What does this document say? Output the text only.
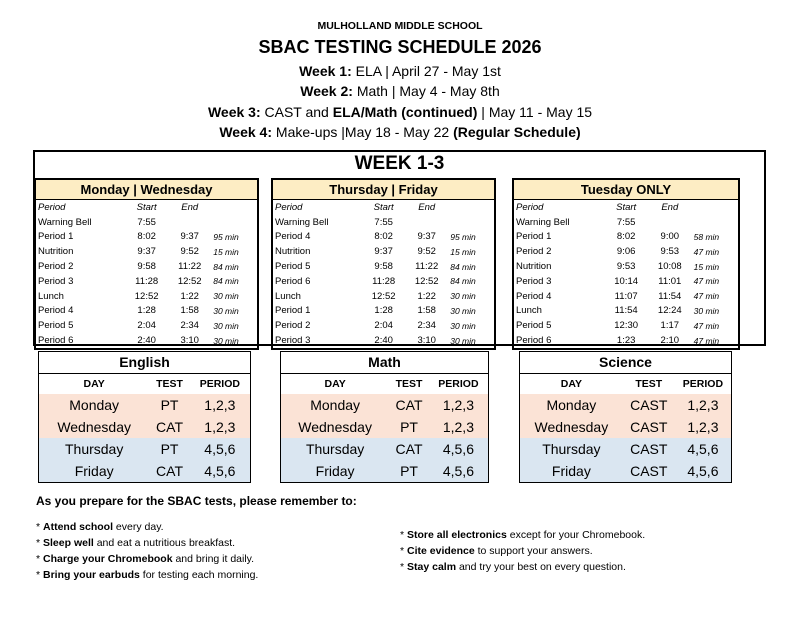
MULHOLLAND MIDDLE SCHOOL
SBAC TESTING SCHEDULE 2026
Week 1: ELA | April 27 - May 1st
Week 2: Math | May 4 - May 8th
Week 3: CAST and ELA/Math (continued) | May 11 - May 15
Week 4: Make-ups |May 18 - May 22 (Regular Schedule)
WEEK 1-3
Monday | Wednesday
Period	Start	End	
Warning Bell	7:55		
Period 1	8:02	9:37	95 min
Nutrition	9:37	9:52	15 min
Period 2	9:58	11:22	84 min
Period 3	11:28	12:52	84 min
Lunch	12:52	1:22	30 min
Period 4	1:28	1:58	30 min
Period 5	2:04	2:34	30 min
Period 6	2:40	3:10	30 min
Thursday | Friday
Period	Start	End	
Warning Bell	7:55		
Period 4	8:02	9:37	95 min
Nutrition	9:37	9:52	15 min
Period 5	9:58	11:22	84 min
Period 6	11:28	12:52	84 min
Lunch	12:52	1:22	30 min
Period 1	1:28	1:58	30 min
Period 2	2:04	2:34	30 min
Period 3	2:40	3:10	30 min
Tuesday ONLY
Period	Start	End	
Warning Bell	7:55		
Period 1	8:02	9:00	58 min
Period 2	9:06	9:53	47 min
Nutrition	9:53	10:08	15 min
Period 3	10:14	11:01	47 min
Period 4	11:07	11:54	47 min
Lunch	11:54	12:24	30 min
Period 5	12:30	1:17	47 min
Period 6	1:23	2:10	47 min
English
DAY	TEST	PERIOD
Monday	PT	1,2,3
Wednesday	CAT	1,2,3
Thursday	PT	4,5,6
Friday	CAT	4,5,6
Math
DAY	TEST	PERIOD
Monday	CAT	1,2,3
Wednesday	PT	1,2,3
Thursday	CAT	4,5,6
Friday	PT	4,5,6
Science
DAY	TEST	PERIOD
Monday	CAST	1,2,3
Wednesday	CAST	1,2,3
Thursday	CAST	4,5,6
Friday	CAST	4,5,6
As you prepare for the SBAC tests, please remember to:
* Attend school every day.
* Sleep well and eat a nutritious breakfast.
* Charge your Chromebook and bring it daily.
* Bring your earbuds for testing each morning.
* Store all electronics except for your Chromebook.
* Cite evidence to support your answers.
* Stay calm and try your best on every question.
